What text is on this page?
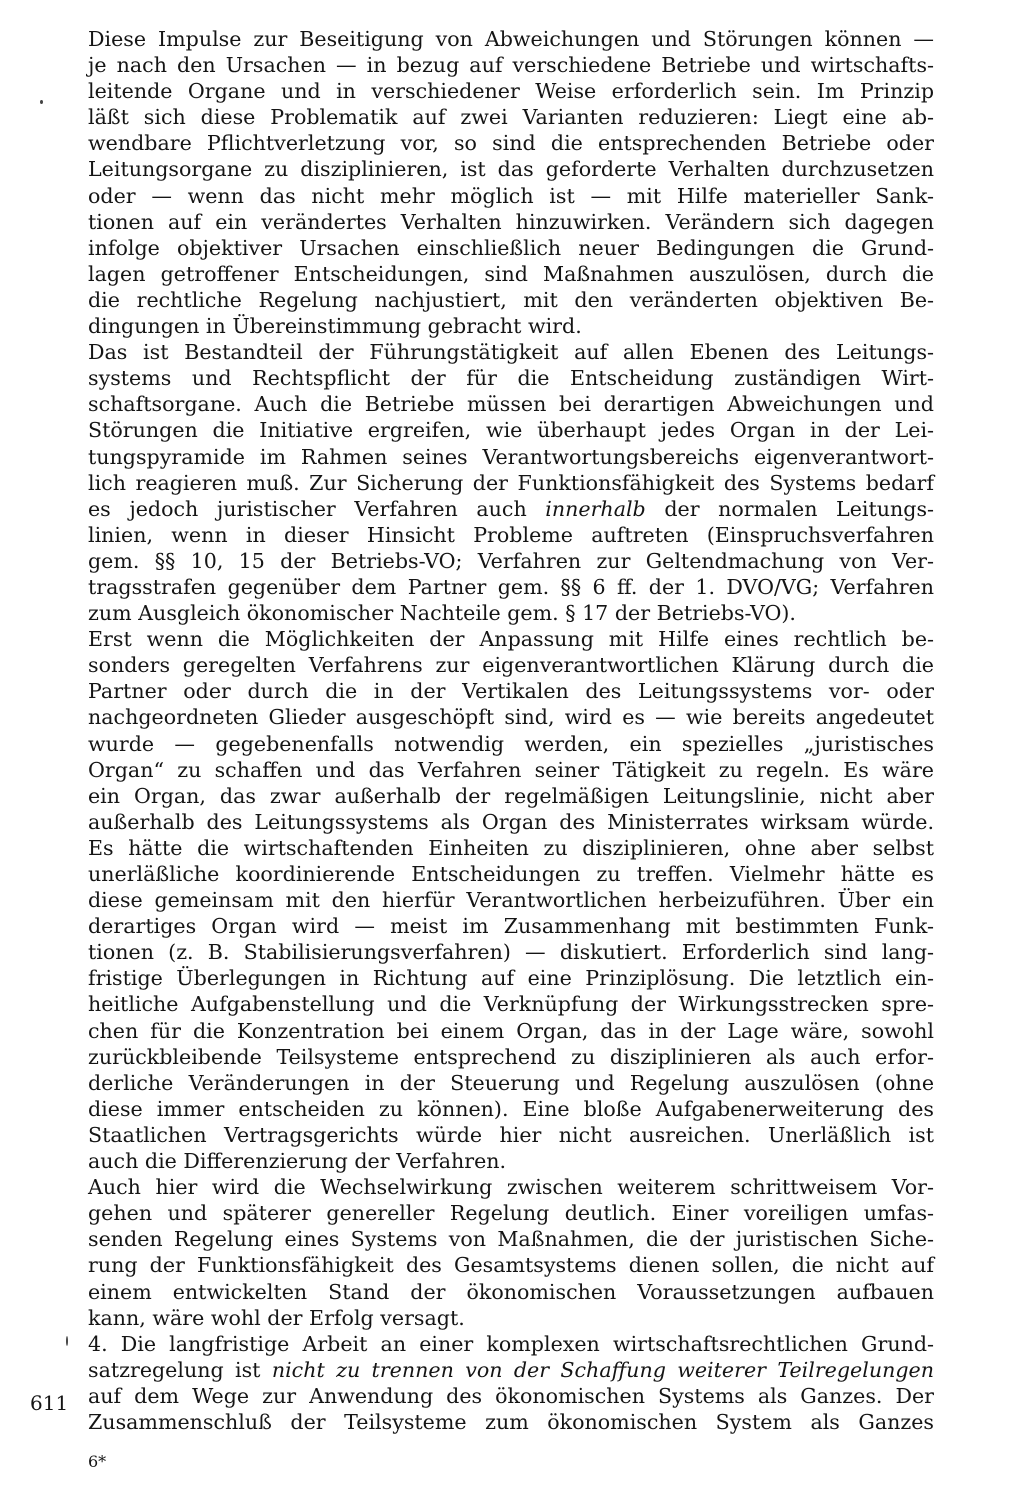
Diese Impulse zur Beseitigung von Abweichungen und Störungen können —
je nach den Ursachen — in bezug auf verschiedene Betriebe und wirtschafts-
leitende Organe und in verschiedener Weise erforderlich sein. Im Prinzip
läßt sich diese Problematik auf zwei Varianten reduzieren: Liegt eine ab-
wendbare Pflichtverletzung vor, so sind die entsprechenden Betriebe oder
Leitungsorgane zu disziplinieren, ist das geforderte Verhalten durchzusetzen
oder — wenn das nicht mehr möglich ist — mit Hilfe materieller Sank-
tionen auf ein verändertes Verhalten hinzuwirken. Verändern sich dagegen
infolge objektiver Ursachen einschließlich neuer Bedingungen die Grund-
lagen getroffener Entscheidungen, sind Maßnahmen auszulösen, durch die
die rechtliche Regelung nachjustiert, mit den veränderten objektiven Be-
dingungen in Übereinstimmung gebracht wird.

Das ist Bestandteil der Führungstätigkeit auf allen Ebenen des Leitungs-
systems und Rechtspflicht der für die Entscheidung zuständigen Wirt-
schaftsorgane. Auch die Betriebe müssen bei derartigen Abweichungen und
Störungen die Initiative ergreifen, wie überhaupt jedes Organ in der Lei-
tungspyramide im Rahmen seines Verantwortungsbereichs eigenverantwort-
lich reagieren muß. Zur Sicherung der Funktionsfähigkeit des Systems bedarf
es jedoch juristischer Verfahren auch innerhalb der normalen Leitungs-
linien, wenn in dieser Hinsicht Probleme auftreten (Einspruchsverfahren
gem. §§ 10, 15 der Betriebs-VO; Verfahren zur Geltendmachung von Ver-
tragsstrafen gegenüber dem Partner gem. §§ 6 ff. der 1. DVO/VG; Verfahren
zum Ausgleich ökonomischer Nachteile gem. § 17 der Betriebs-VO).

Erst wenn die Möglichkeiten der Anpassung mit Hilfe eines rechtlich be-
sonders geregelten Verfahrens zur eigenverantwortlichen Klärung durch die
Partner oder durch die in der Vertikalen des Leitungssystems vor- oder
nachgeordneten Glieder ausgeschöpft sind, wird es — wie bereits angedeutet
wurde — gegebenenfalls notwendig werden, ein spezielles „juristisches
Organ“ zu schaffen und das Verfahren seiner Tätigkeit zu regeln. Es wäre
ein Organ, das zwar außerhalb der regelmäßigen Leitungslinie, nicht aber
außerhalb des Leitungssystems als Organ des Ministerrates wirksam würde.
Es hätte die wirtschaftenden Einheiten zu disziplinieren, ohne aber selbst
unerläßliche koordinierende Entscheidungen zu treffen. Vielmehr hätte es
diese gemeinsam mit den hierfür Verantwortlichen herbeizuführen. Über ein
derartiges Organ wird — meist im Zusammenhang mit bestimmten Funk-
tionen (z. B. Stabilisierungsverfahren) — diskutiert. Erforderlich sind lang-
fristige Überlegungen in Richtung auf eine Prinziplösung. Die letztlich ein-
heitliche Aufgabenstellung und die Verknüpfung der Wirkungsstrecken spre-
chen für die Konzentration bei einem Organ, das in der Lage wäre, sowohl
zurückbleibende Teilsysteme entsprechend zu disziplinieren als auch erfor-
derliche Veränderungen in der Steuerung und Regelung auszulösen (ohne
diese immer entscheiden zu können). Eine bloße Aufgabenerweiterung des
Staatlichen Vertragsgerichts würde hier nicht ausreichen. Unerläßlich ist
auch die Differenzierung der Verfahren.

Auch hier wird die Wechselwirkung zwischen weiterem schrittweisem Vor-
gehen und späterer genereller Regelung deutlich. Einer voreiligen umfas-
senden Regelung eines Systems von Maßnahmen, die der juristischen Siche-
rung der Funktionsfähigkeit des Gesamtsystems dienen sollen, die nicht auf
einem entwickelten Stand der ökonomischen Voraussetzungen aufbauen
kann, wäre wohl der Erfolg versagt.

4. Die langfristige Arbeit an einer komplexen wirtschaftsrechtlichen Grund-
satzregelung ist nicht zu trennen von der Schaffung weiterer Teilregelungen
auf dem Wege zur Anwendung des ökonomischen Systems als Ganzes. Der
Zusammenschluß der Teilsysteme zum ökonomischen System als Ganzes

611
6*
